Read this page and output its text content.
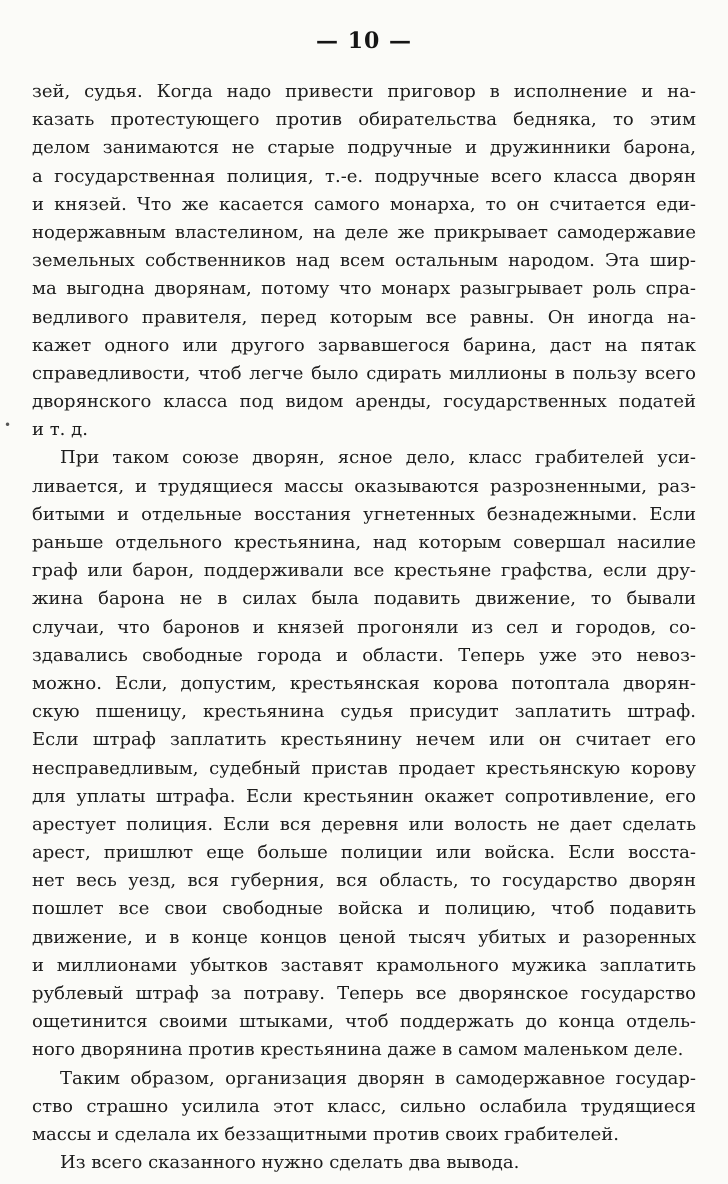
— 10 —
•
зей, судья. Когда надо привести приговор в исполнение и на-
казать протестующего против обирательства бедняка, то этим
делом занимаются не старые подручные и дружинники барона,
а государственная полиция, т.-е. подручные всего класса дворян
и князей. Что же касается самого монарха, то он считается еди-
нодержавным властелином, на деле же прикрывает самодержавие
земельных собственников над всем остальным народом. Эта шир-
ма выгодна дворянам, потому что монарх разыгрывает роль спра-
ведливого правителя, перед которым все равны. Он иногда на-
кажет одного или другого зарвавшегося барина, даст на пятак
справедливости, чтоб легче было сдирать миллионы в пользу всего
дворянского класса под видом аренды, государственных податей
и т. д.
При таком союзе дворян, ясное дело, класс грабителей уси-
ливается, и трудящиеся массы оказываются разрозненными, раз-
битыми и отдельные восстания угнетенных безнадежными. Если
раньше отдельного крестьянина, над которым совершал насилие
граф или барон, поддерживали все крестьяне графства, если дру-
жина барона не в силах была подавить движение, то бывали
случаи, что баронов и князей прогоняли из сел и городов, со-
здавались свободные города и области. Теперь уже это невоз-
можно. Если, допустим, крестьянская корова потоптала дворян-
скую пшеницу, крестьянина судья присудит заплатить штраф.
Если штраф заплатить крестьянину нечем или он считает его
несправедливым, судебный пристав продает крестьянскую корову
для уплаты штрафа. Если крестьянин окажет сопротивление, его
арестует полиция. Если вся деревня или волость не дает сделать
арест, пришлют еще больше полиции или войска. Если восста-
нет весь уезд, вся губерния, вся область, то государство дворян
пошлет все свои свободные войска и полицию, чтоб подавить
движение, и в конце концов ценой тысяч убитых и разоренных
и миллионами убытков заставят крамольного мужика заплатить
рублевый штраф за потраву. Теперь все дворянское государство
ощетинится своими штыками, чтоб поддержать до конца отдель-
ного дворянина против крестьянина даже в самом маленьком деле.
Таким образом, организация дворян в самодержавное государ-
ство страшно усилила этот класс, сильно ослабила трудящиеся
массы и сделала их беззащитными против своих грабителей.
Из всего сказанного нужно сделать два вывода.
